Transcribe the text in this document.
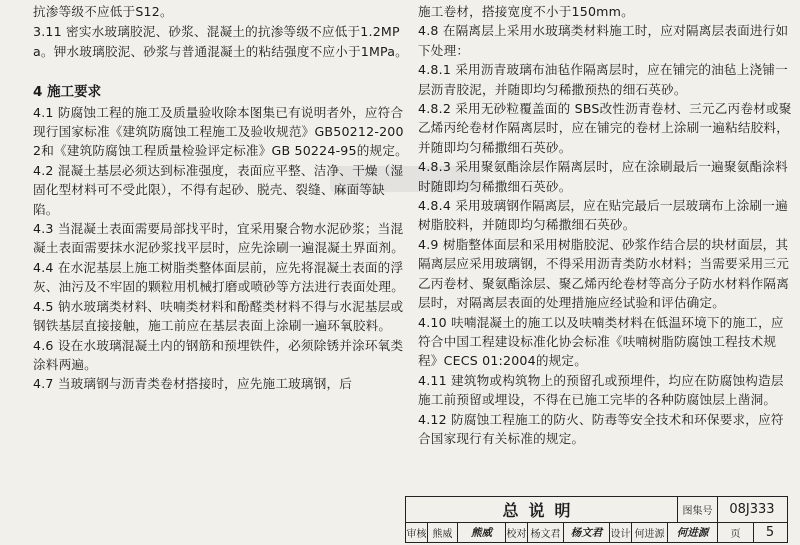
抗渗等级不应低于S12。

3.11 密实水玻璃胶泥、砂浆、混凝土的抗渗等级不应低于1.2MPa。钾水玻璃胶泥、砂浆与普通混凝土的粘结强度不应小于1MPa。

4 施工要求

4.1 防腐蚀工程的施工及质量验收除本图集已有说明者外，应符合现行国家标准《建筑防腐蚀工程施工及验收规范》GB50212-2002和《建筑防腐蚀工程质量检验评定标准》GB 50224-95的规定。

4.2 混凝土基层必须达到标准强度，表面应平整、洁净、干燥（湿固化型材料可不受此限），不得有起砂、脱壳、裂缝、麻面等缺陷。

4.3 当混凝土表面需要局部找平时，宜采用聚合物水泥砂浆；当混凝土表面需要抹水泥砂浆找平层时，应先涂刷一遍混凝土界面剂。

4.4 在水泥基层上施工树脂类整体面层前，应先将混凝土表面的浮灰、油污及不牢固的颗粒用机械打磨或喷砂等方法进行表面处理。

4.5 钠水玻璃类材料、呋喃类材料和酚醛类材料不得与水泥基层或钢铁基层直接接触，施工前应在基层表面上涂刷一遍环氧胶料。

4.6 设在水玻璃混凝土内的钢筋和预埋铁件，必须除锈并涂环氧类涂料两遍。

4.7 当玻璃钢与沥青类卷材搭接时，应先施工玻璃钢，后

施工卷材，搭接宽度不小于150mm。

4.8 在隔离层上采用水玻璃类材料施工时，应对隔离层表面进行如下处理：

4.8.1 采用沥青玻璃布油毡作隔离层时，应在铺完的油毡上浇铺一层沥青胶泥，并随即均匀稀撒预热的细石英砂。

4.8.2 采用无砂粒覆盖面的 SBS改性沥青卷材、三元乙丙卷材或聚乙烯丙纶卷材作隔离层时，应在铺完的卷材上涂刷一遍粘结胶料，并随即均匀稀撒细石英砂。

4.8.3 采用聚氨酯涂层作隔离层时，应在涂刷最后一遍聚氨酯涂料时随即均匀稀撒细石英砂。

4.8.4 采用玻璃钢作隔离层，应在贴完最后一层玻璃布上涂刷一遍树脂胶料，并随即均匀稀撒细石英砂。

4.9 树脂整体面层和采用树脂胶泥、砂浆作结合层的块材面层，其隔离层应采用玻璃钢，不得采用沥青类防水材料；当需要采用三元乙丙卷材、聚氨酯涂层、聚乙烯丙纶卷材等高分子防水材料作隔离层时，对隔离层表面的处理措施应经试验和评估确定。

4.10 呋喃混凝土的施工以及呋喃类材料在低温环境下的施工，应符合中国工程建设标准化协会标准《呋喃树脂防腐蚀工程技术规程》CECS 01:2004的规定。

4.11 建筑物或构筑物上的预留孔或预埋件，均应在防腐蚀构造层施工前预留或埋设，不得在已施工完毕的各种防腐蚀层上凿洞。

4.12 防腐蚀工程施工的防火、防毒等安全技术和环保要求，应符合国家现行有关标准的规定。

总说明	图集号	08J333
审核 熊威	熊威	校对 杨文君 杨文君 设计 何进源	何进源	页	5
